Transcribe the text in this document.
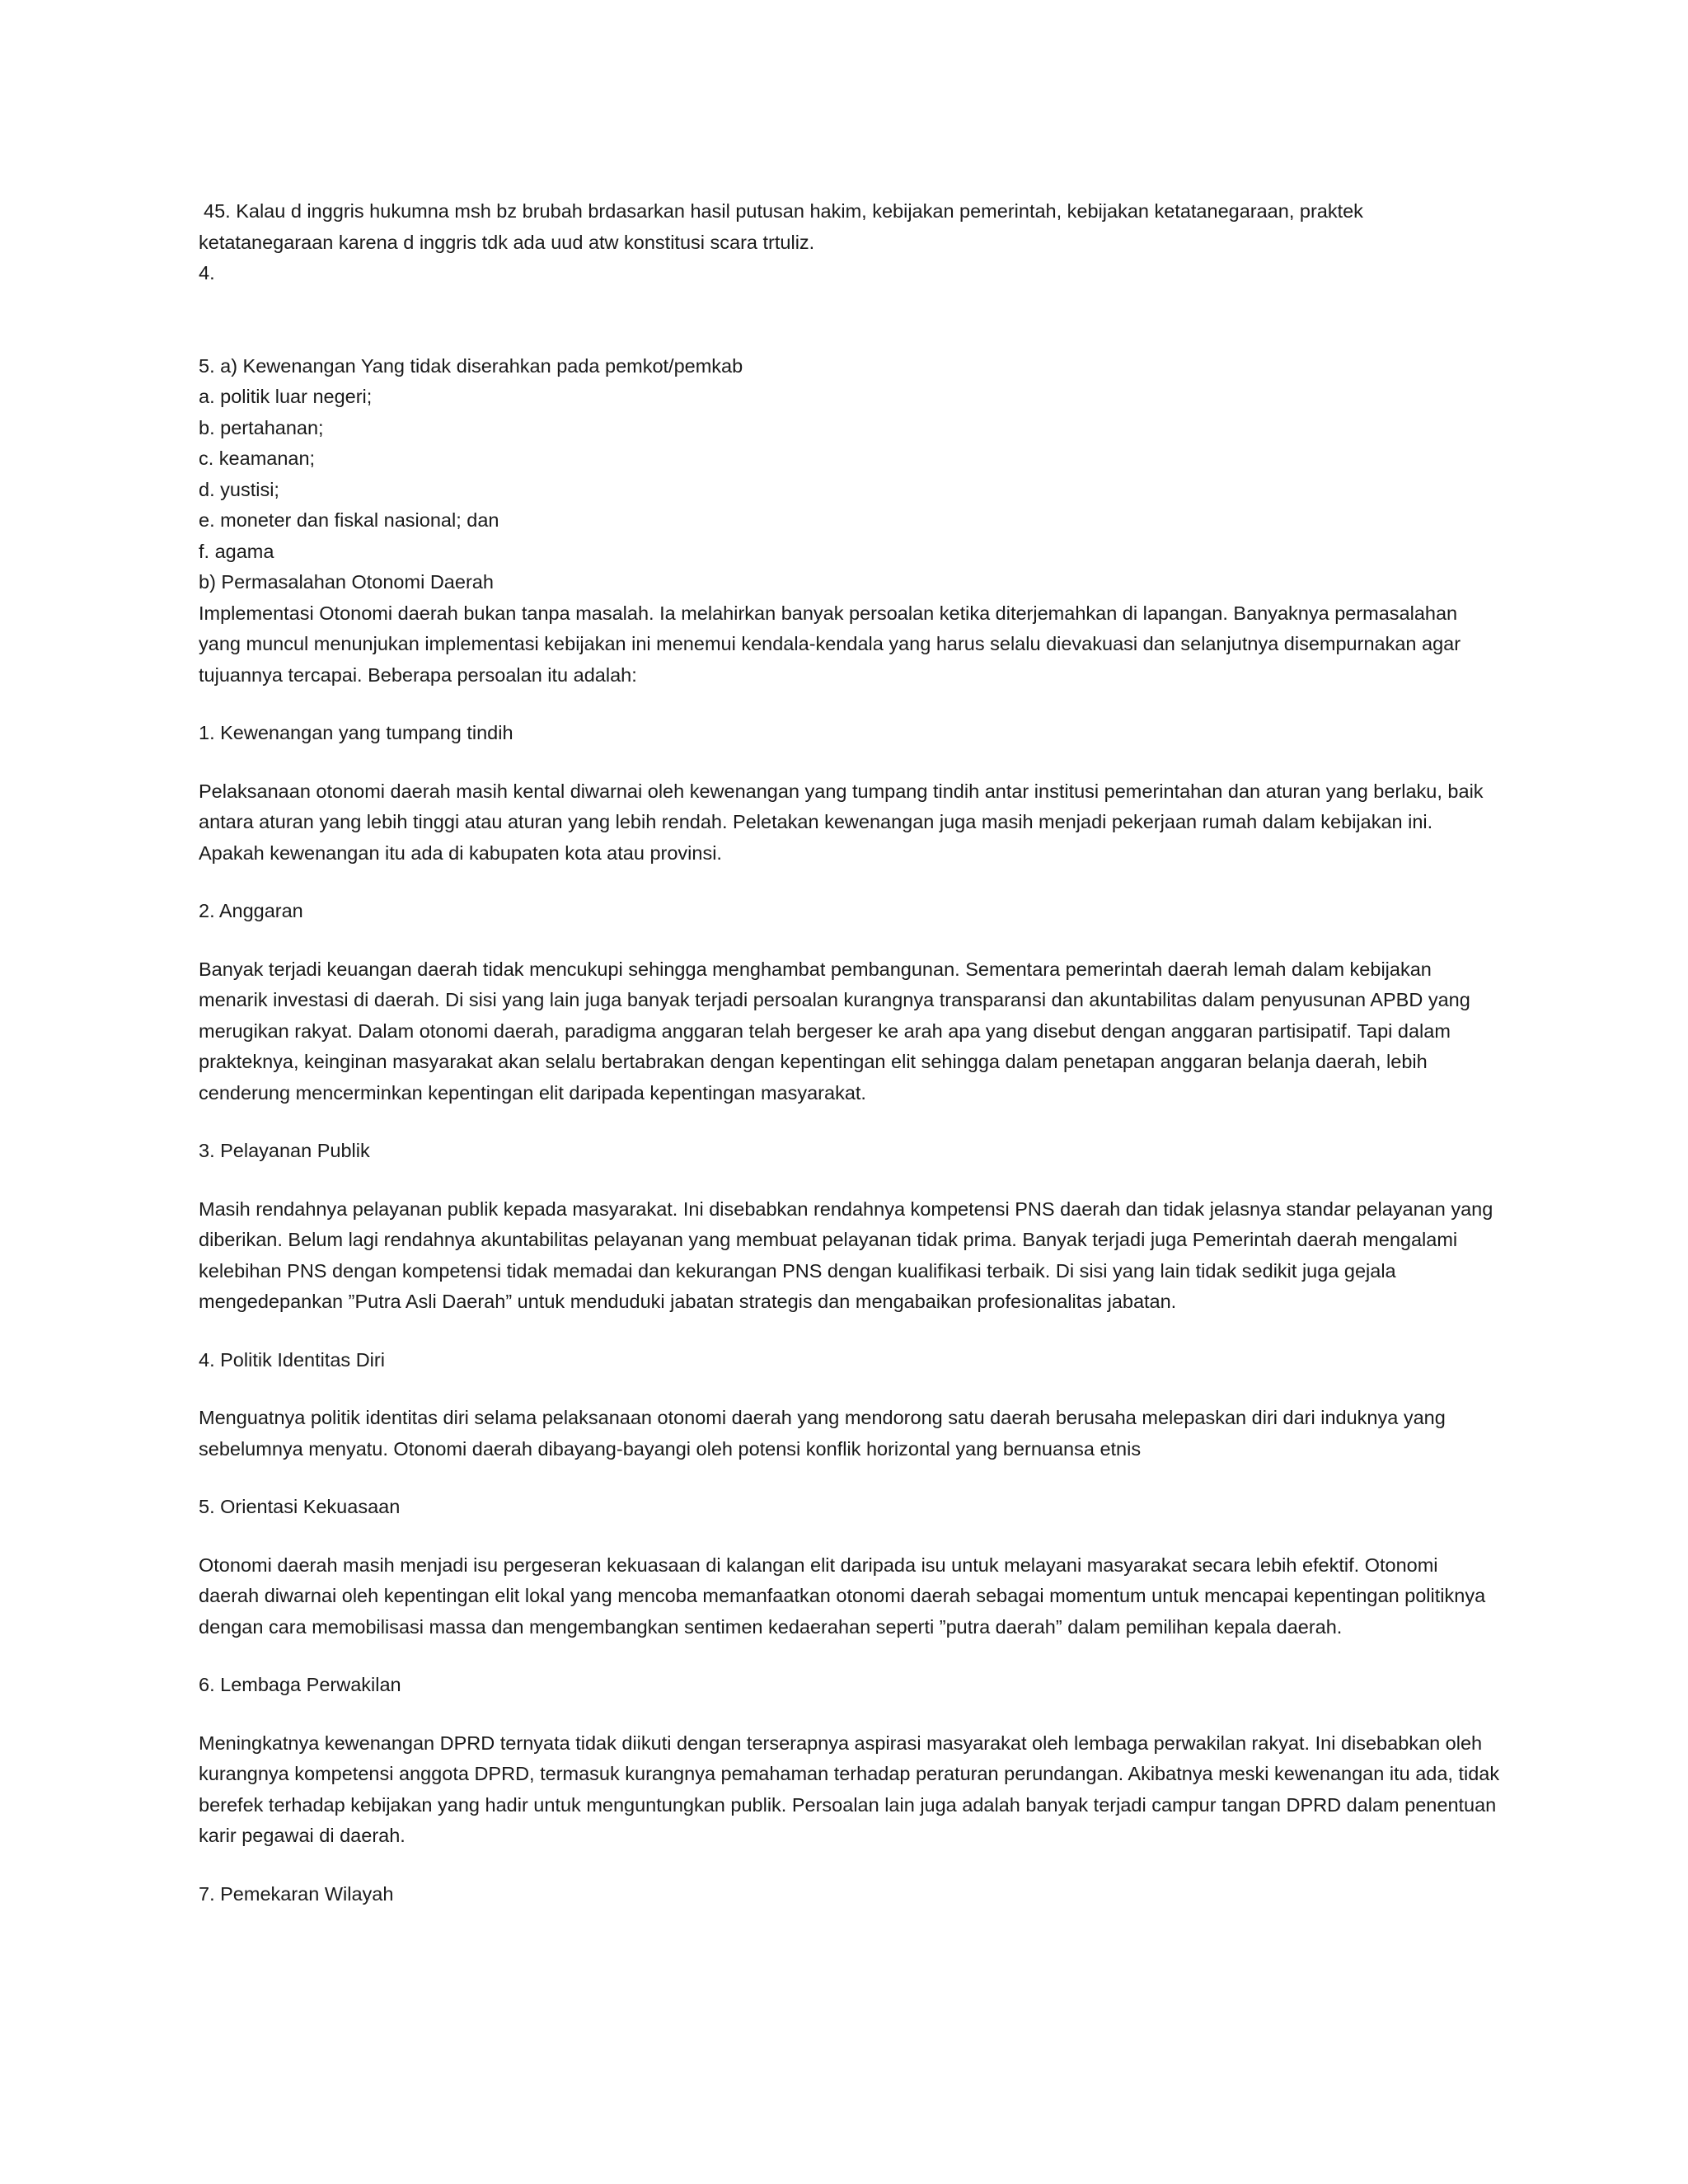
45. Kalau d inggris hukumna msh bz brubah brdasarkan hasil putusan hakim, kebijakan pemerintah, kebijakan ketatanegaraan, praktek ketatanegaraan karena d inggris tdk ada uud atw konstitusi scara trtuliz.

4.

5. a) Kewenangan Yang tidak diserahkan pada pemkot/pemkab

a. politik luar negeri;

b. pertahanan;

c. keamanan;

d. yustisi;

e. moneter dan fiskal nasional; dan

f. agama

b) Permasalahan Otonomi Daerah

Implementasi Otonomi daerah bukan tanpa masalah. Ia melahirkan banyak persoalan ketika diterjemahkan di lapangan. Banyaknya permasalahan yang muncul menunjukan implementasi kebijakan ini menemui kendala-kendala yang harus selalu dievakuasi dan selanjutnya disempurnakan agar tujuannya tercapai. Beberapa persoalan itu adalah:

1. Kewenangan yang tumpang tindih

Pelaksanaan otonomi daerah masih kental diwarnai oleh kewenangan yang tumpang tindih antar institusi pemerintahan dan aturan yang berlaku, baik antara aturan yang lebih tinggi atau aturan yang lebih rendah. Peletakan kewenangan juga masih menjadi pekerjaan rumah dalam kebijakan ini. Apakah kewenangan itu ada di kabupaten kota atau provinsi.

2. Anggaran

Banyak terjadi keuangan daerah tidak mencukupi sehingga menghambat pembangunan. Sementara pemerintah daerah lemah dalam kebijakan menarik investasi di daerah. Di sisi yang lain juga banyak terjadi persoalan kurangnya transparansi dan akuntabilitas dalam penyusunan APBD yang merugikan rakyat. Dalam otonomi daerah, paradigma anggaran telah bergeser ke arah apa yang disebut dengan anggaran partisipatif. Tapi dalam prakteknya, keinginan masyarakat akan selalu bertabrakan dengan kepentingan elit sehingga dalam penetapan anggaran belanja daerah, lebih cenderung mencerminkan kepentingan elit daripada kepentingan masyarakat.

3. Pelayanan Publik

Masih rendahnya pelayanan publik kepada masyarakat. Ini disebabkan rendahnya kompetensi PNS daerah dan tidak jelasnya standar pelayanan yang diberikan. Belum lagi rendahnya akuntabilitas pelayanan yang membuat pelayanan tidak prima. Banyak terjadi juga Pemerintah daerah mengalami kelebihan PNS dengan kompetensi tidak memadai dan kekurangan PNS dengan kualifikasi terbaik. Di sisi yang lain tidak sedikit juga gejala mengedepankan ”Putra Asli Daerah” untuk menduduki jabatan strategis dan mengabaikan profesionalitas jabatan.

4. Politik Identitas Diri

Menguatnya politik identitas diri selama pelaksanaan otonomi daerah yang mendorong satu daerah berusaha melepaskan diri dari induknya yang sebelumnya menyatu. Otonomi daerah dibayang-bayangi oleh potensi konflik horizontal yang bernuansa etnis

5. Orientasi Kekuasaan

Otonomi daerah masih menjadi isu pergeseran kekuasaan di kalangan elit daripada isu untuk melayani masyarakat secara lebih efektif. Otonomi daerah diwarnai oleh kepentingan elit lokal yang mencoba memanfaatkan otonomi daerah sebagai momentum untuk mencapai kepentingan politiknya dengan cara memobilisasi massa dan mengembangkan sentimen kedaerahan seperti ”putra daerah” dalam pemilihan kepala daerah.

6. Lembaga Perwakilan

Meningkatnya kewenangan DPRD ternyata tidak diikuti dengan terserapnya aspirasi masyarakat oleh lembaga perwakilan rakyat. Ini disebabkan oleh kurangnya kompetensi anggota DPRD, termasuk kurangnya pemahaman terhadap peraturan perundangan. Akibatnya meski kewenangan itu ada, tidak berefek terhadap kebijakan yang hadir untuk menguntungkan publik. Persoalan lain juga adalah banyak terjadi campur tangan DPRD dalam penentuan karir pegawai di daerah.

7. Pemekaran Wilayah
